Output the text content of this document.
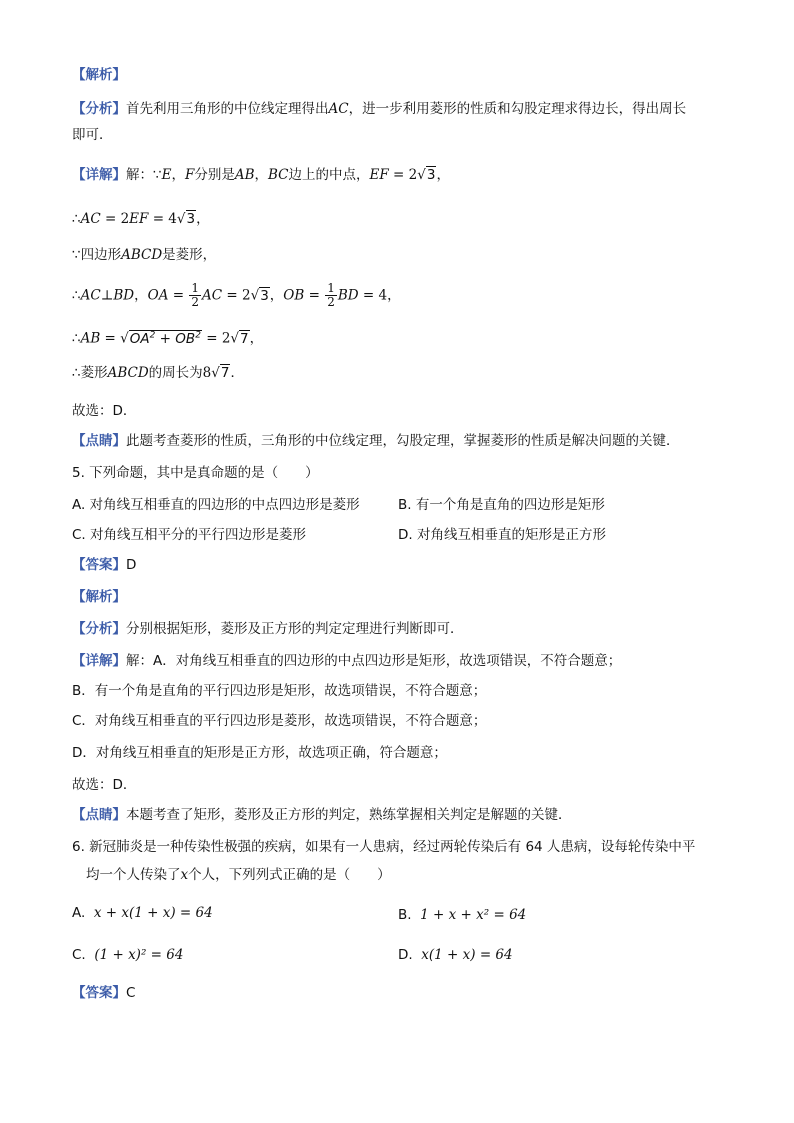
【解析】
【分析】首先利用三角形的中位线定理得出AC，进一步利用菱形的性质和勾股定理求得边长，得出周长
即可．
【详解】解：∵E，F分别是AB，BC边上的中点，EF = 2√3，
∴AC = 2EF = 4√3，
∵四边形ABCD是菱形，
∴AC⊥BD，OA = $\frac{1}{2}$ AC = 2√3，OB = $\frac{1}{2}$ BD = 4，
∴AB = $√OA^2 + OB^2 = 2√7$，
∴菱形ABCD的周长为8√7．
故选：D．
【点睛】此题考查菱形的性质，三角形的中位线定理，勾股定理，掌握菱形的性质是解决问题的关键．
5. 下列命题，其中是真命题的是（　　）
A. 对角线互相垂直的四边形的中点四边形是菱形	B. 有一个角是直角的四边形是矩形
C. 对角线互相平分的平行四边形是菱形	D. 对角线互相垂直的矩形是正方形
【答案】D
【解析】
【分析】分别根据矩形，菱形及正方形的判定定理进行判断即可．
【详解】解：A．对角线互相垂直的四边形的中点四边形是矩形，故选项错误，不符合题意；
B．有一个角是直角的平行四边形是矩形，故选项错误，不符合题意；
C．对角线互相垂直的平行四边形是菱形，故选项错误，不符合题意；
D．对角线互相垂直的矩形是正方形，故选项正确，符合题意；
故选：D．
【点睛】本题考查了矩形，菱形及正方形的判定，熟练掌握相关判定是解题的关键．
6. 新冠肺炎是一种传染性极强的疾病，如果有一人患病，经过两轮传染后有 64 人患病，设每轮传染中平
均一个人传染了x个人，下列列式正确的是（　　）
A. x + x(1 + x) = 64	B. 1 + x + x² = 64
C. (1 + x)² = 64	D. x(1 + x) = 64
【答案】C
